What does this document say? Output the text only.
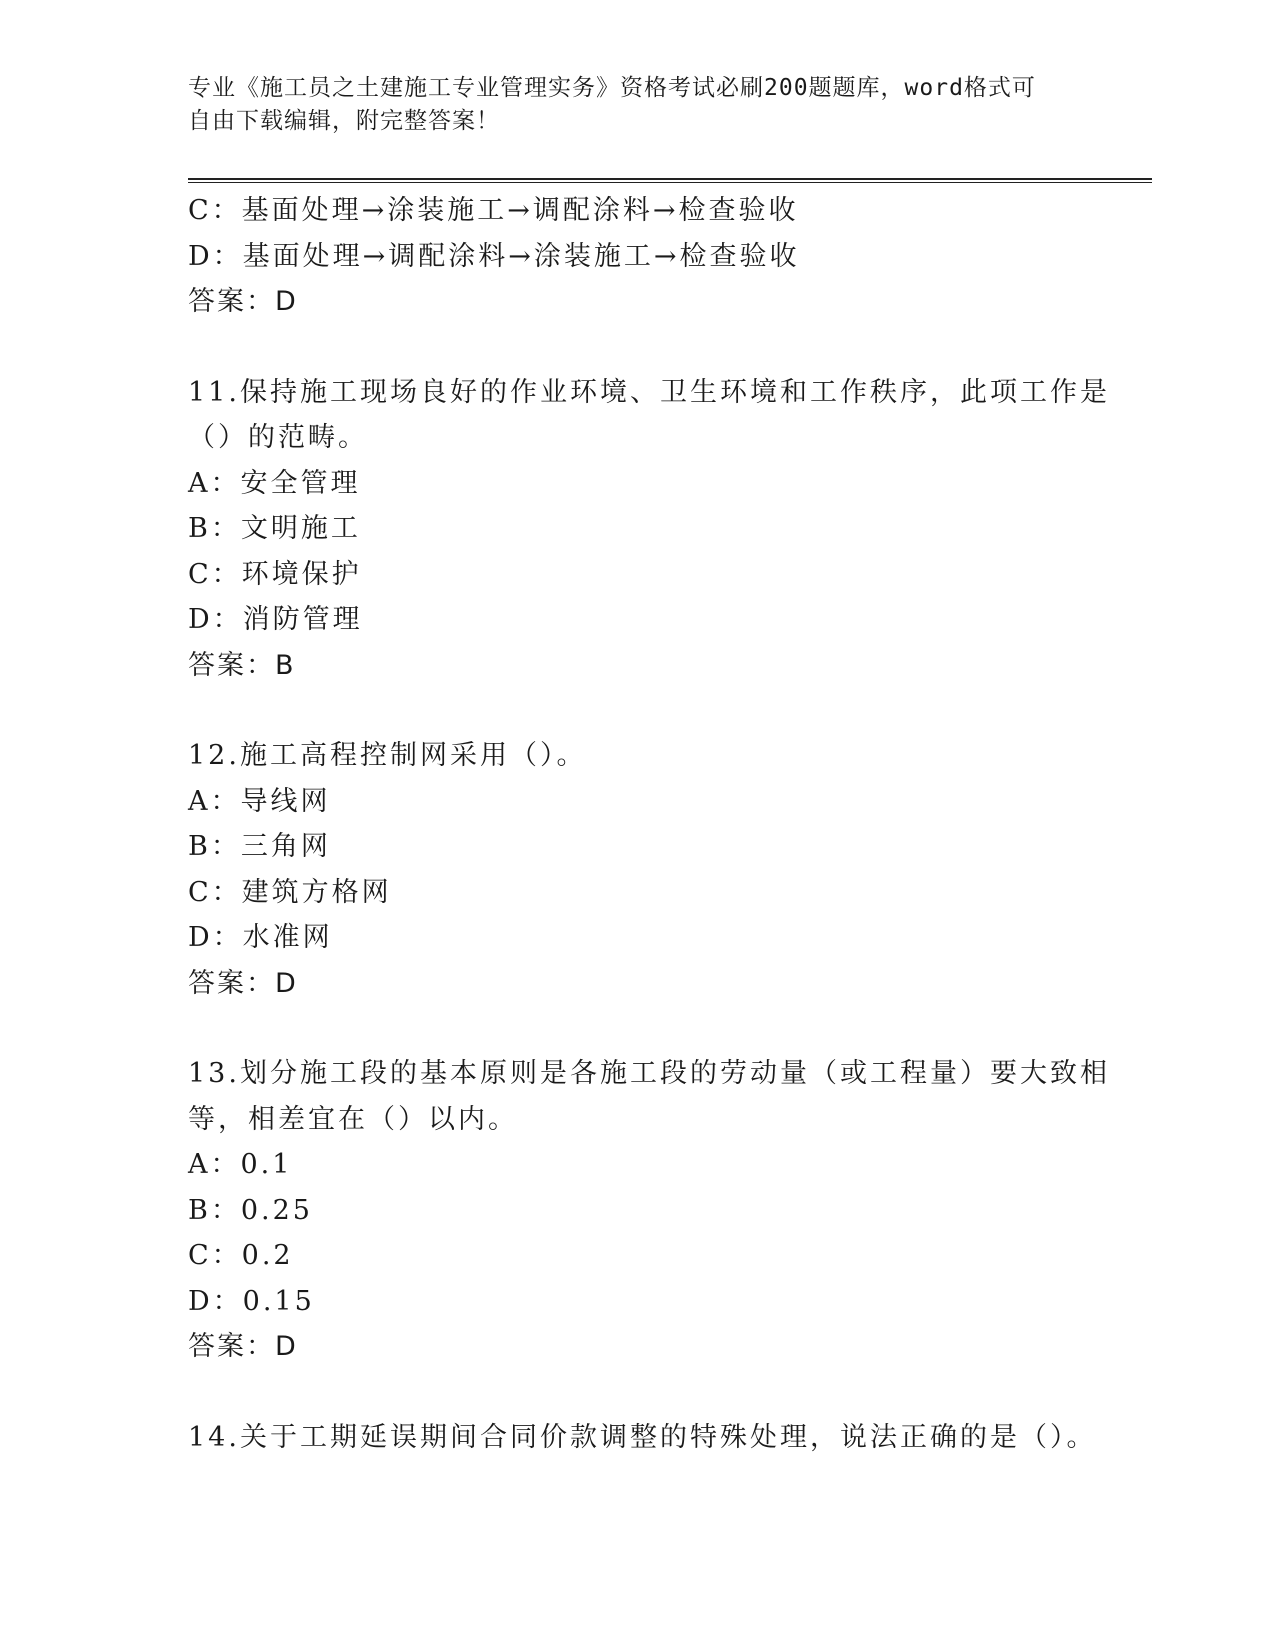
专业《施工员之土建施工专业管理实务》资格考试必刷200题题库，word格式可
自由下载编辑，附完整答案！
C：基面处理→涂装施工→调配涂料→检查验收
D：基面处理→调配涂料→涂装施工→检查验收
答案：D
11.保持施工现场良好的作业环境、卫生环境和工作秩序，此项工作是
（）的范畴。
A：安全管理
B：文明施工
C：环境保护
D：消防管理
答案：B
12.施工高程控制网采用（）。
A：导线网
B：三角网
C：建筑方格网
D：水准网
答案：D
13.划分施工段的基本原则是各施工段的劳动量（或工程量）要大致相
等，相差宜在（）以内。
A：0.1
B：0.25
C：0.2
D：0.15
答案：D
14.关于工期延误期间合同价款调整的特殊处理，说法正确的是（）。
